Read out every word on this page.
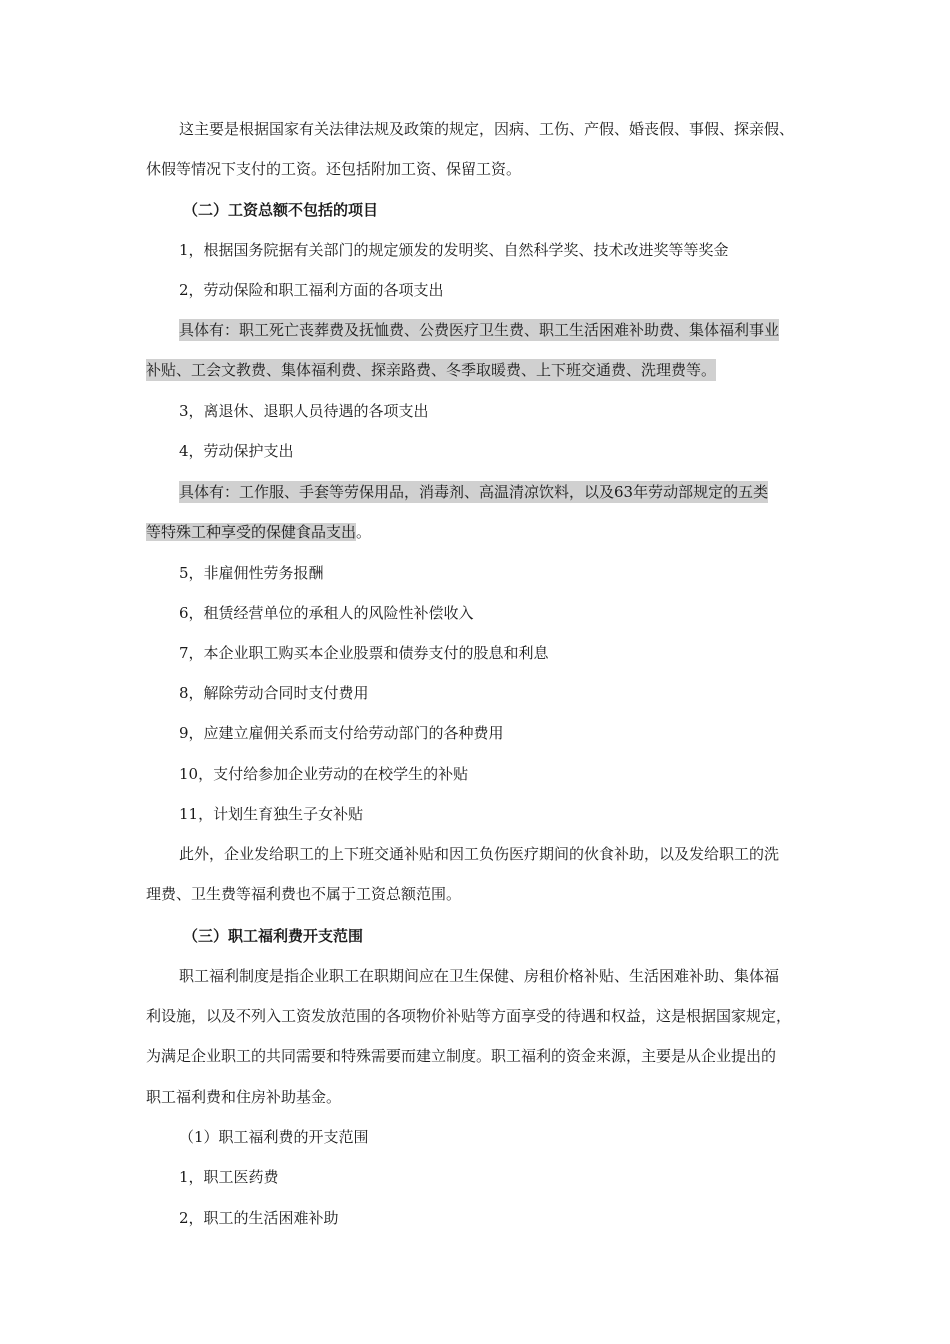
这主要是根据国家有关法律法规及政策的规定，因病、工伤、产假、婚丧假、事假、探亲假、
休假等情况下支付的工资。还包括附加工资、保留工资。
（二）工资总额不包括的项目
1，根据国务院据有关部门的规定颁发的发明奖、自然科学奖、技术改进奖等等奖金
2，劳动保险和职工福利方面的各项支出
具体有：职工死亡丧葬费及抚恤费、公费医疗卫生费、职工生活困难补助费、集体福利事业
补贴、工会文教费、集体福利费、探亲路费、冬季取暖费、上下班交通费、洗理费等。
3，离退休、退职人员待遇的各项支出
4，劳动保护支出
具体有：工作服、手套等劳保用品，消毒剂、高温清凉饮料，以及63年劳动部规定的五类
等特殊工种享受的保健食品支出。
5，非雇佣性劳务报酬
6，租赁经营单位的承租人的风险性补偿收入
7，本企业职工购买本企业股票和债券支付的股息和利息
8，解除劳动合同时支付费用
9，应建立雇佣关系而支付给劳动部门的各种费用
10，支付给参加企业劳动的在校学生的补贴
11，计划生育独生子女补贴
此外，企业发给职工的上下班交通补贴和因工负伤医疗期间的伙食补助，以及发给职工的洗
理费、卫生费等福利费也不属于工资总额范围。
（三）职工福利费开支范围
职工福利制度是指企业职工在职期间应在卫生保健、房租价格补贴、生活困难补助、集体福
利设施，以及不列入工资发放范围的各项物价补贴等方面享受的待遇和权益，这是根据国家规定，
为满足企业职工的共同需要和特殊需要而建立制度。职工福利的资金来源，主要是从企业提出的
职工福利费和住房补助基金。
（1）职工福利费的开支范围
1，职工医药费
2，职工的生活困难补助
